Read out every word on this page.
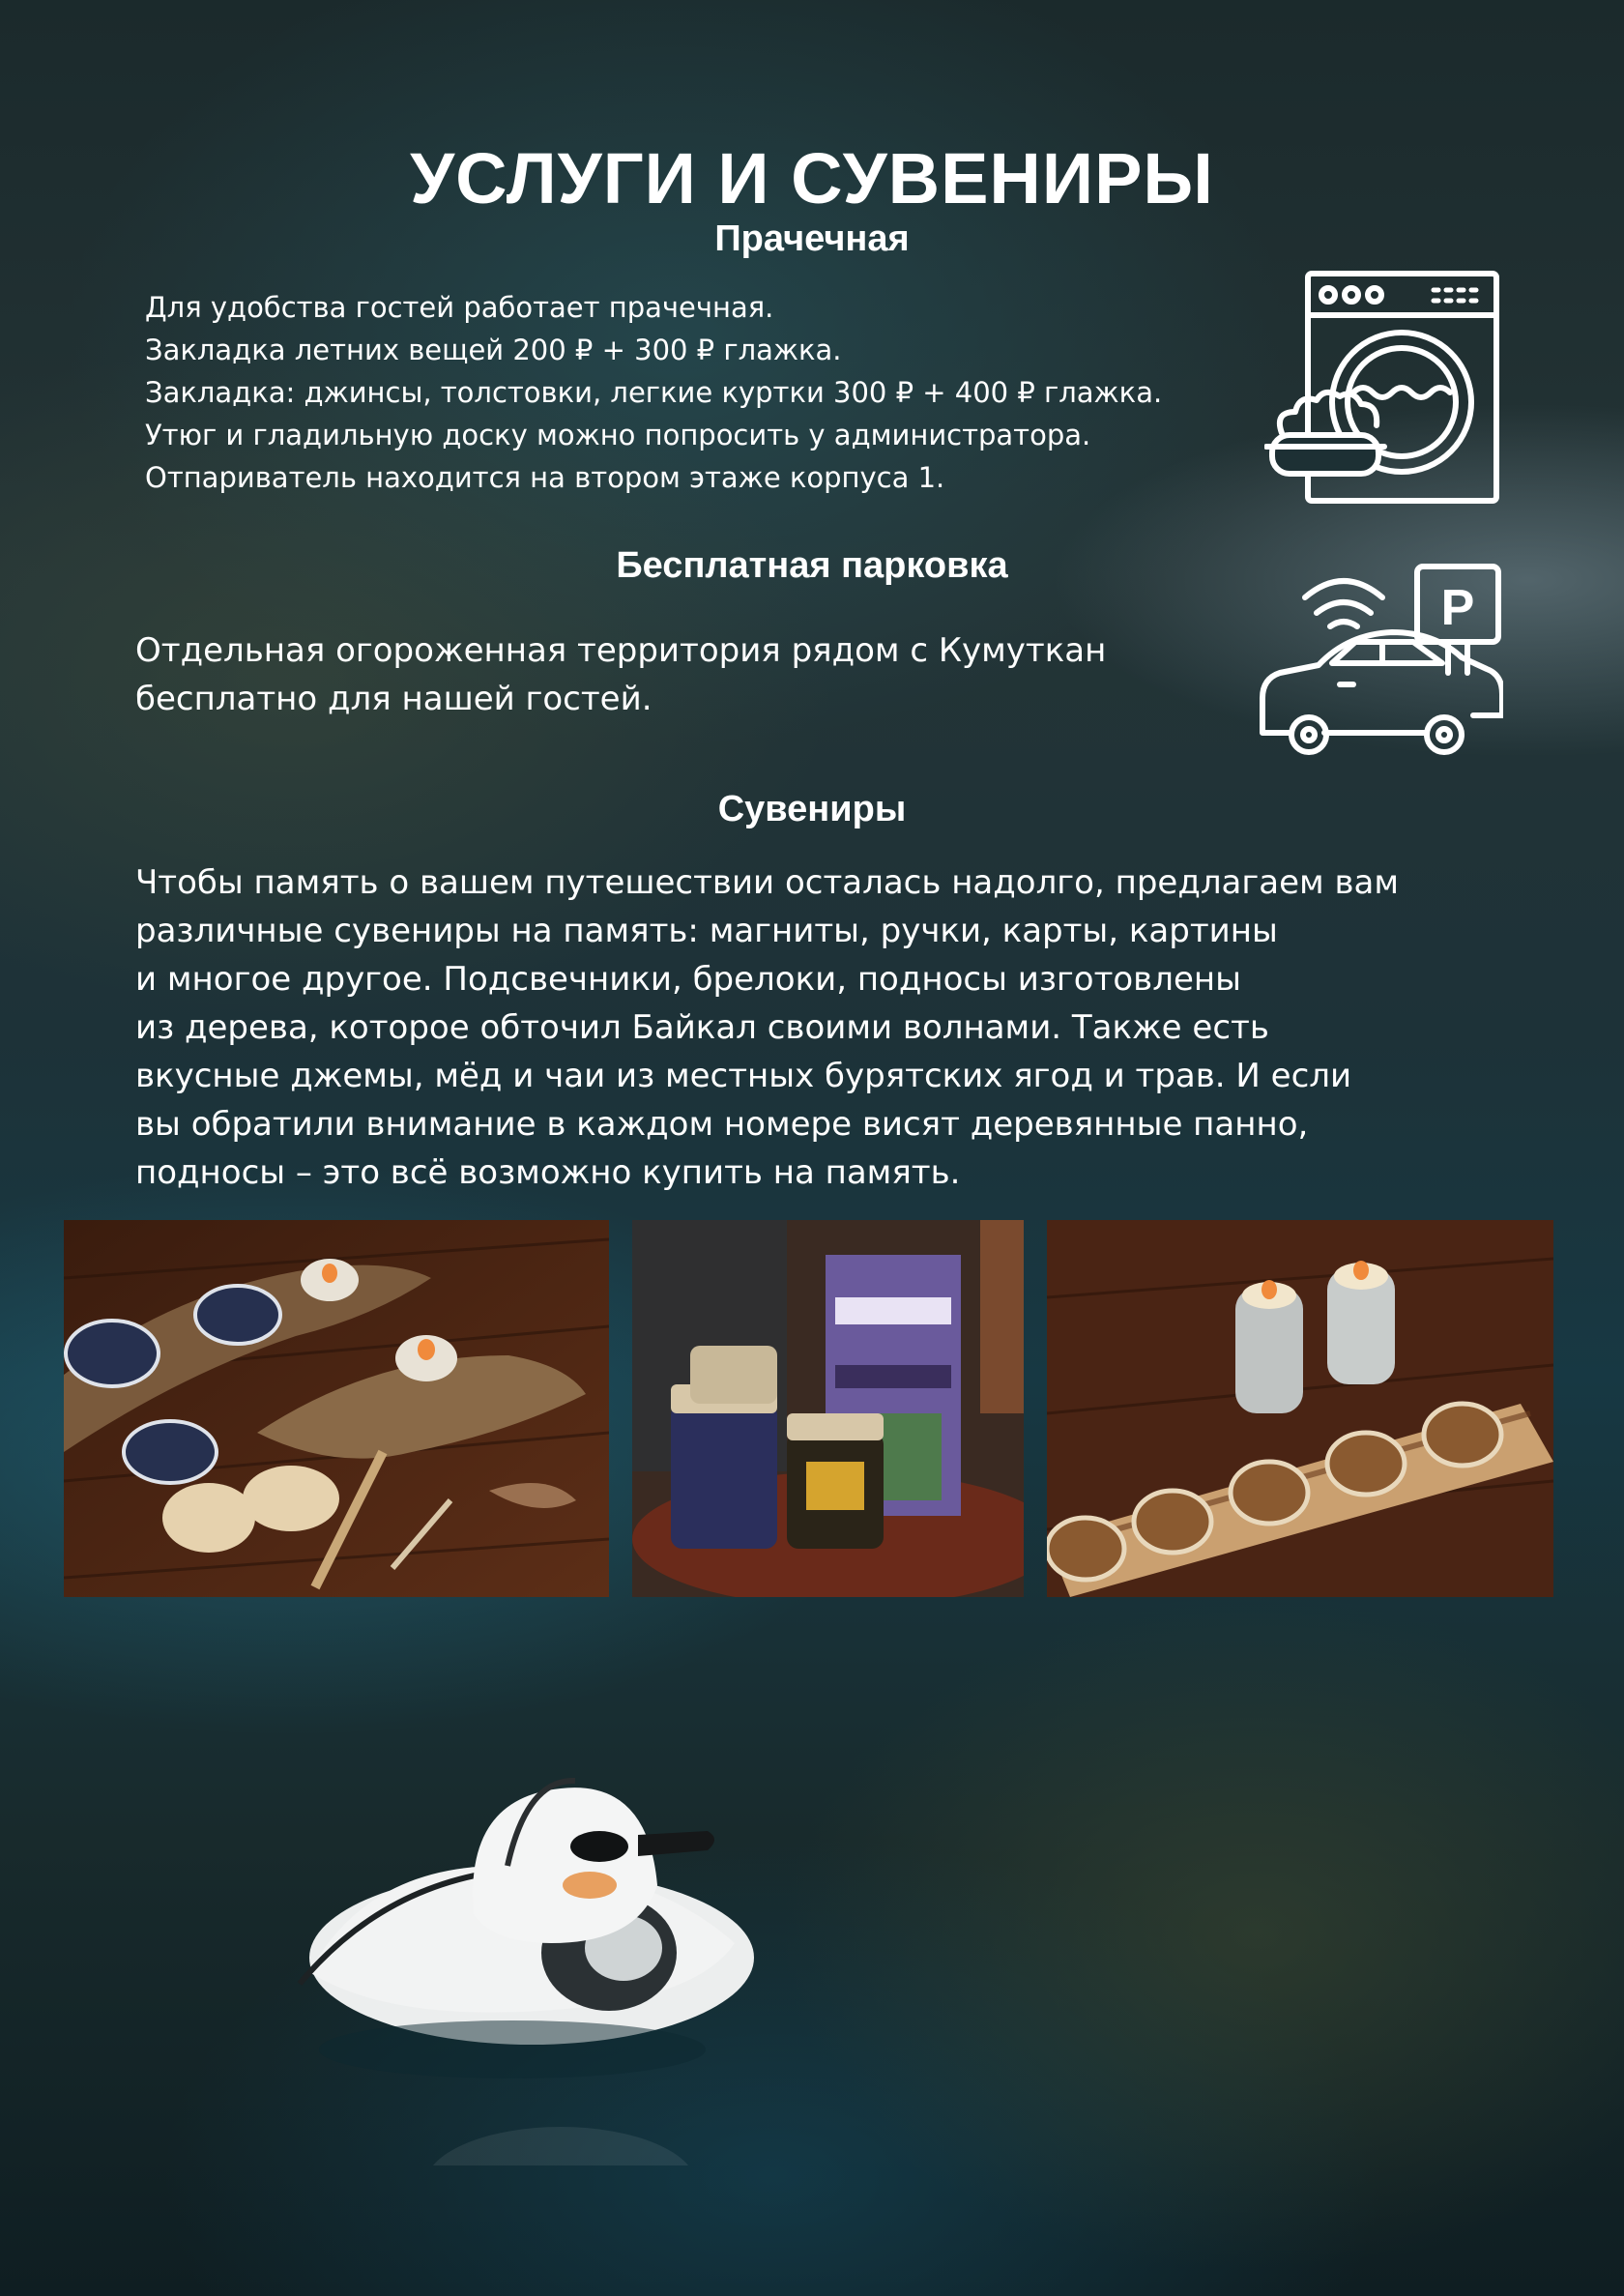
УСЛУГИ И СУВЕНИРЫ
Прачечная
Для удобства гостей работает прачечная.
Закладка летних вещей 200 ₽ + 300 ₽ глажка.
Закладка: джинсы, толстовки, легкие куртки 300 ₽ + 400 ₽ глажка.
Утюг и гладильную доску можно попросить у администратора.
Отпариватель находится на втором этаже корпуса 1.
Бесплатная парковка
Отдельная огороженная территория рядом с Кумуткан
бесплатно для нашей гостей.
P
Сувениры
Чтобы память о вашем путешествии осталась надолго, предлагаем вам
различные сувениры на память: магниты, ручки, карты, картины
и многое другое. Подсвечники, брелоки, подносы изготовлены
из дерева, которое обточил Байкал своими волнами. Также есть
вкусные джемы, мёд и чаи из местных бурятских ягод и трав. И если
вы обратили внимание в каждом номере висят деревянные панно,
подносы – это всё возможно купить на память.
